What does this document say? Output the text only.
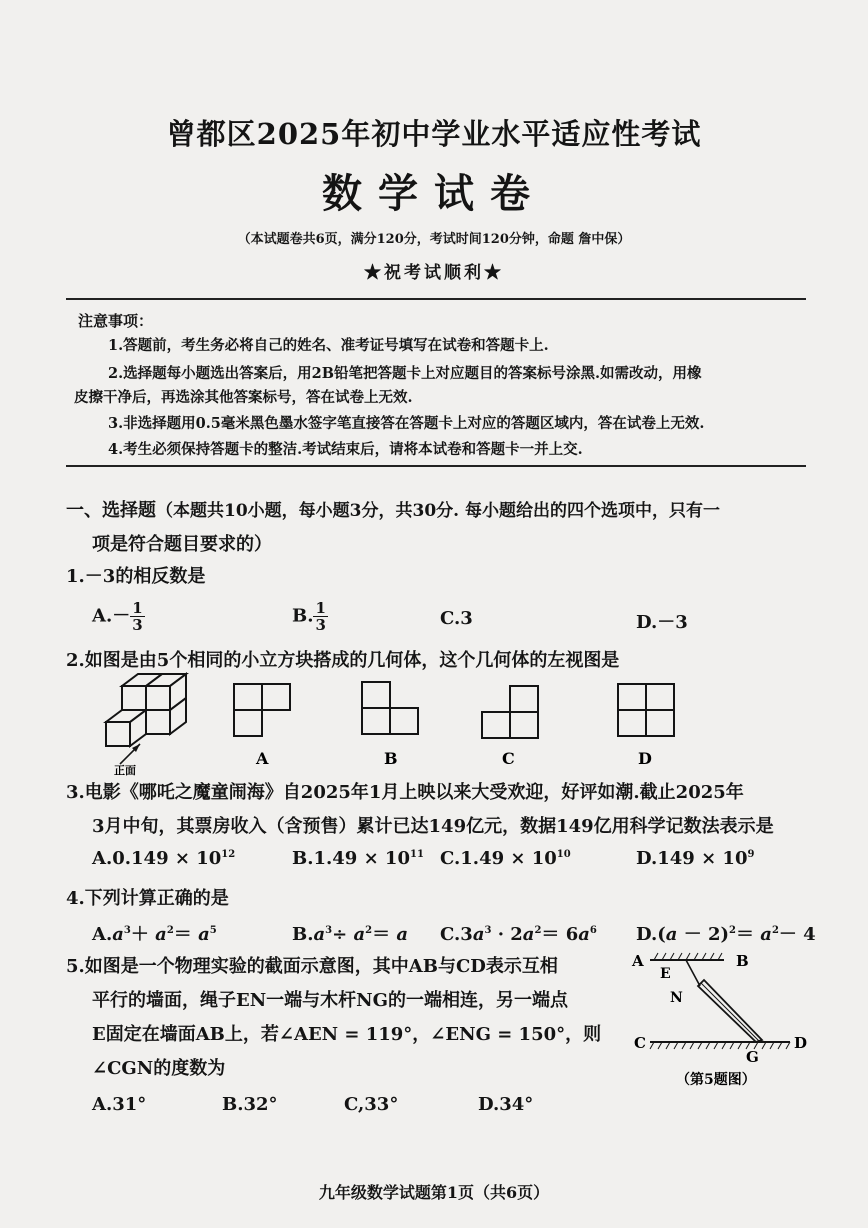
曾都区2025年初中学业水平适应性考试
数学试卷
（本试题卷共6页，满分120分，考试时间120分钟，命题 詹中保）
★祝考试顺利★
注意事项：
1.答题前，考生务必将自己的姓名、准考证号填写在试卷和答题卡上.
2.选择题每小题选出答案后，用2B铅笔把答题卡上对应题目的答案标号涂黑.如需改动，用橡
皮擦干净后，再选涂其他答案标号，答在试卷上无效.
3.非选择题用0.5毫米黑色墨水签字笔直接答在答题卡上对应的答题区域内，答在试卷上无效.
4.考生必须保持答题卡的整洁.考试结束后，请将本试卷和答题卡一并上交.
一、选择题（本题共10小题，每小题3分，共30分. 每小题给出的四个选项中，只有一
项是符合题目要求的）
1.－3的相反数是
$A.- \frac{1}{3}$	B. $\frac{1}{3}$	C.3	D.－3
2.如图是由5个相同的小立方块搭成的几何体，这个几何体的左视图是
正面
A	B	C	D
3.电影《哪吒之魔童闹海》自2025年1月上映以来大受欢迎，好评如潮.截止2025年
3月中旬，其票房收入（含预售）累计已达149亿元，数据149亿用科学记数法表示是
$A.0.149 \times 10^{12}$	$B.1.49 \times 10^{11}$ $C.1.49 \times 10^{10}$	$D.149 \times 10^9$
4.下列计算正确的是
$A.a^3+ a^2= a^5$	$B.a^3\div a^2= a$ $C.3a^3 \cdot 2a^2= 6a^6$ $D.(a - 2)^2= a^2- 4$
5.如图是一个物理实验的截面示意图，其中AB与CD表示互相
平行的墙面，绳子EN一端与木杆NG的一端相连，另一端点
E固定在墙面AB上，若∠AEN = 119°，∠ENG = 150°，则
∠CGN的度数为
A.31°	B.32°	C,33°	D.34°
A	B
E
N
C	D
G
（第5题图）
九年级数学试题第1页（共6页）
